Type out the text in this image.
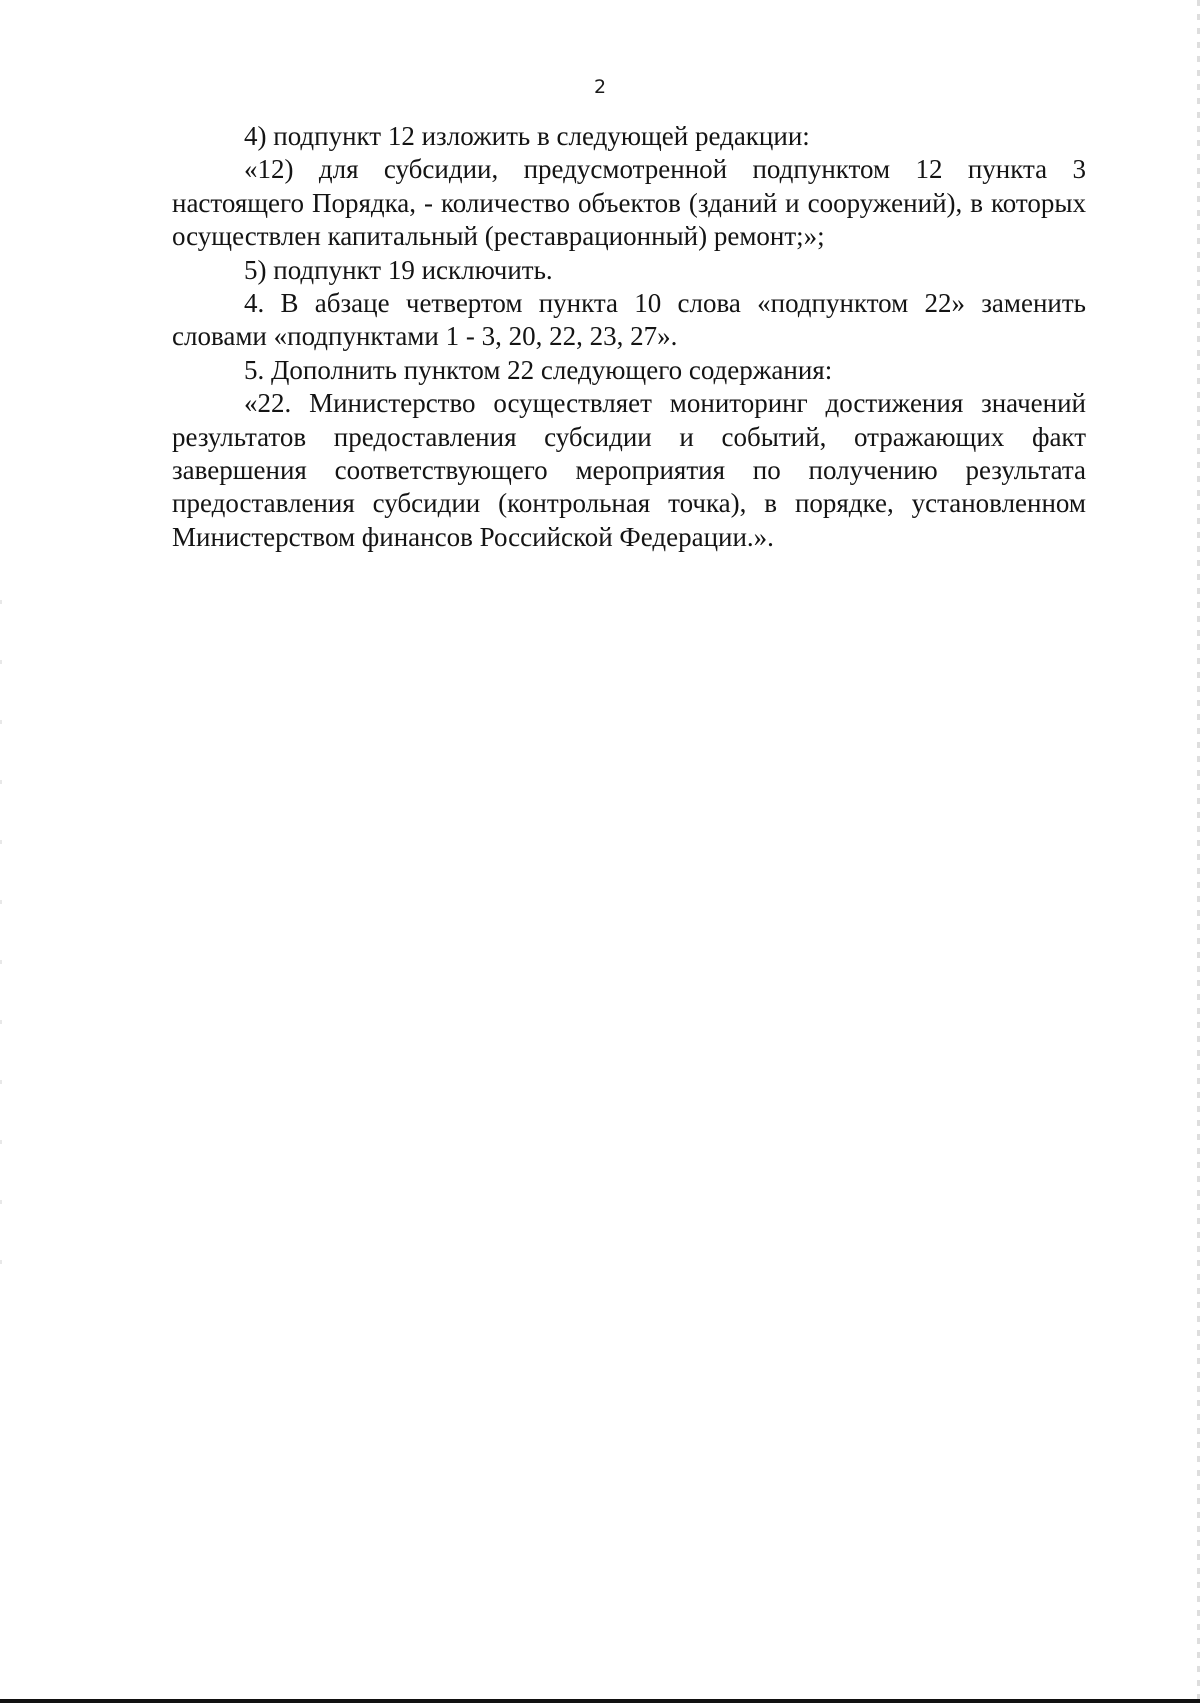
2

4) подпункт 12 изложить в следующей редакции:

«12) для субсидии, предусмотренной подпунктом 12 пункта 3 настоящего Порядка, - количество объектов (зданий и сооружений), в которых осуществлен капитальный (реставрационный) ремонт;»;

5) подпункт 19 исключить.

4. В абзаце четвертом пункта 10 слова «подпунктом 22» заменить словами «подпунктами 1 - 3, 20, 22, 23, 27».

5. Дополнить пунктом 22 следующего содержания:

«22. Министерство осуществляет мониторинг достижения значений результатов предоставления субсидии и событий, отражающих факт завершения соответствующего мероприятия по получению результата предоставления субсидии (контрольная точка), в порядке, установленном Министерством финансов Российской Федерации.».
